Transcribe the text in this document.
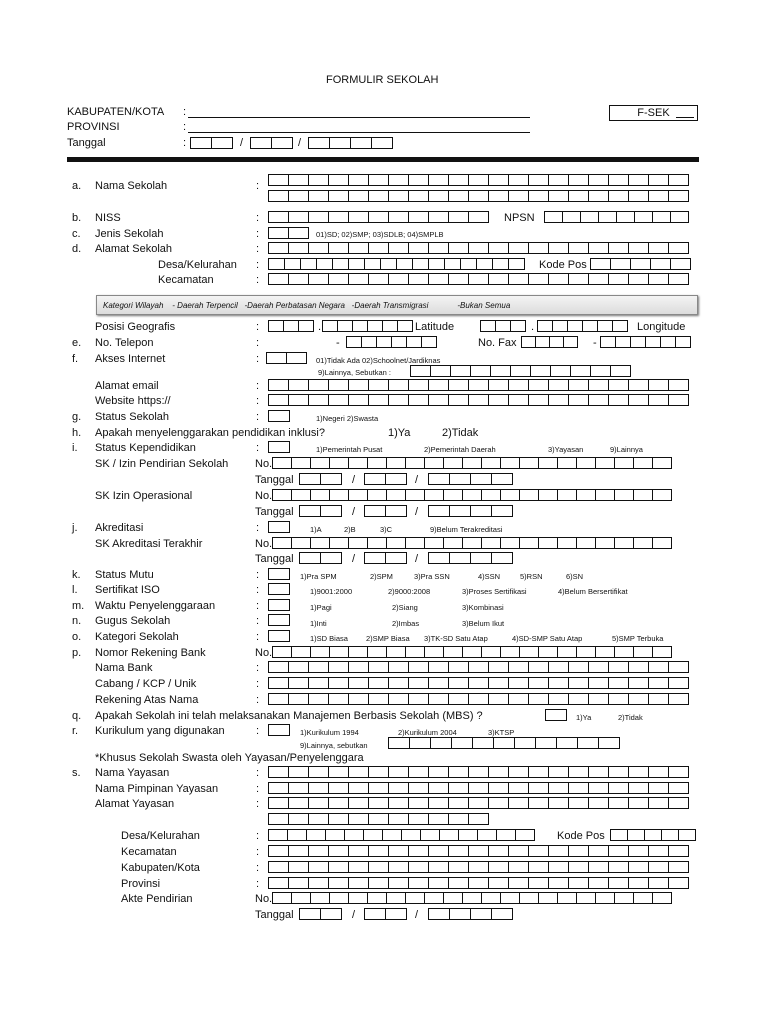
FORMULIR SEKOLAH
KABUPATEN/KOTA :
PROVINSI	:
Tanggal	:	/	/
F-SEK
a. Nama Sekolah	:
b. NISS	:	NPSN
c. Jenis Sekolah	:	01)SD; 02)SMP; 03)SDLB; 04)SMPLB
d. Alamat Sekolah	:
Desa/Kelurahan :	Kode Pos
Kecamatan	:
Kategori Wilayah - Daerah Terpencil -Daerah Perbatasan Negara -Daerah Transmigrasi	-Bukan Semua
Posisi Geografis	:	.	Latitude	.	Longitude
e. No. Telepon	:	-	No. Fax	-
f. Akses Internet	:	01)Tidak Ada 02)Schoolnet/Jardiknas
9)Lainnya, Sebutkan :
Alamat email	:
Website https://	:
g. Status Sekolah	:	1)Negeri 2)Swasta
h. Apakah menyelenggarakan pendidikan inklusi?	1)Ya	2)Tidak
i. Status Kependidikan	:	1)Pemerintah Pusat	2)Pemerintah Daerah	3)Yayasan	9)Lainnya
SK / Izin Pendirian Sekolah No.
Tanggal	/	/
SK Izin Operasional	No.
Tanggal	/	/
j. Akreditasi	:	1)A	2)B	3)C	9)Belum Terakreditasi
SK Akreditasi Terakhir	No.
Tanggal	/	/
k. Status Mutu	:	1)Pra SPM	2)SPM	3)Pra SSN	4)SSN	5)RSN	6)SN
l. Sertifikat ISO	:	1)9001:2000	2)9000:2008	3)Proses Sertifikasi	4)Belum Bersertifikat
m. Waktu Penyelenggaraan	:	1)Pagi	2)Siang	3)Kombinasi
n. Gugus Sekolah	:	1)Inti	2)Imbas	3)Belum Ikut
o. Kategori Sekolah	:	1)SD Biasa 2)SMP Biasa 3)TK-SD Satu Atap	4)SD-SMP Satu Atap	5)SMP Terbuka
p. Nomor Rekening Bank	No.
Nama Bank	:
Cabang / KCP / Unik	:
Rekening Atas Nama	:
q. Apakah Sekolah ini telah melaksanakan Manajemen Berbasis Sekolah (MBS) ?	1)Ya	2)Tidak
r. Kurikulum yang digunakan	:	1)Kurikulum 1994	2)Kurikulum 2004	3)KTSP
9)Lainnya, sebutkan
*Khusus Sekolah Swasta oleh Yayasan/Penyelenggara
s. Nama Yayasan	:
Nama Pimpinan Yayasan	:
Alamat Yayasan	:
Desa/Kelurahan	:	Kode Pos
Kecamatan	:
Kabupaten/Kota	:
Provinsi	:
Akte Pendirian	No.
Tanggal	/	/
